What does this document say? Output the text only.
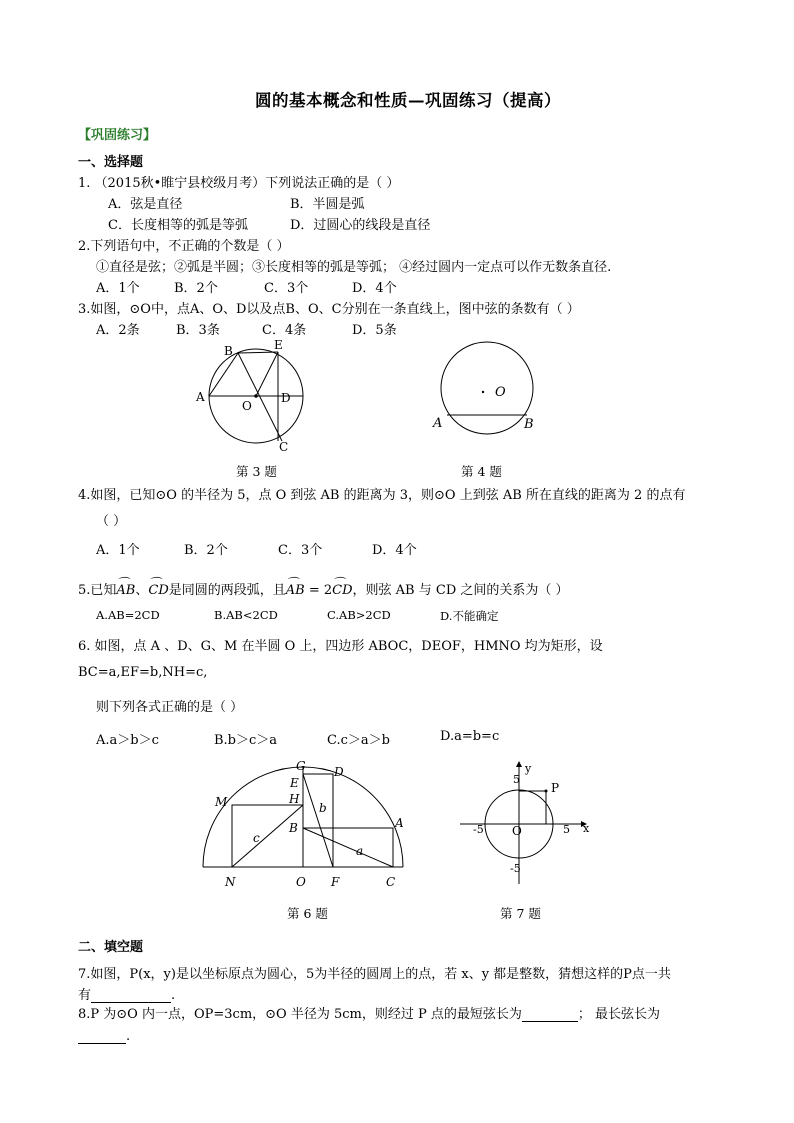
圆的基本概念和性质—巩固练习（提高）
【巩固练习】
一、选择题
1. （2015秋•睢宁县校级月考）下列说法正确的是（ ）
A．弦是直径	B．半圆是弧
C．长度相等的弧是等弧	D．过圆心的线段是直径
2.下列语句中，不正确的个数是（ ）
①直径是弦；②弧是半圆；③长度相等的弧是等弧； ④经过圆内一定点可以作无数条直径.
A．1个	B．2个	C．3个	D．4个
3.如图，⊙O中，点A、O、D以及点B、O、C分别在一条直线上，图中弦的条数有（ ）
A．2条	B．3条	C．4条	D．5条
B	E
A
O
D
C
第 3 题
O
A	B
第 4 题
4.如图，已知⊙O 的半径为 5，点 O 到弦 AB 的距离为 3，则⊙O 上到弦 AB 所在直线的距离为 2 的点有
（ ）
A．1个	B．2个	C．3个	D．4个
5.已知⌒ AB、⌒ CD是同圆的两段弧，且⌒ AB = 2⌒ CD，则弦 AB 与 CD 之间的关系为（ ）
A.AB=2CD	B.AB<2CD	C.AB>2CD	D.不能确定
6. 如图，点 A 、D、G、M 在半圆 O 上，四边形 ABOC，DEOF，HMNO 均为矩形，设
BC=a,EF=b,NH=c,
则下列各式正确的是（ ）
A.a＞b＞c	B.b＞c＞a	C.c＞a＞b	D.a=b=c
G
E
D
H
M
B	A
N	O F	C
a
b
c
第 6 题
y
x
P
O
5
-5	5
-5
第 7 题
二、填空题
7.如图，P(x，y)是以坐标原点为圆心，5为半径的圆周上的点，若 x、y 都是整数，猜想这样的P点一共
有	.
8.P 为⊙O 内一点，OP=3cm，⊙O 半径为 5cm，则经过 P 点的最短弦长为	； 最长弦长为
.
